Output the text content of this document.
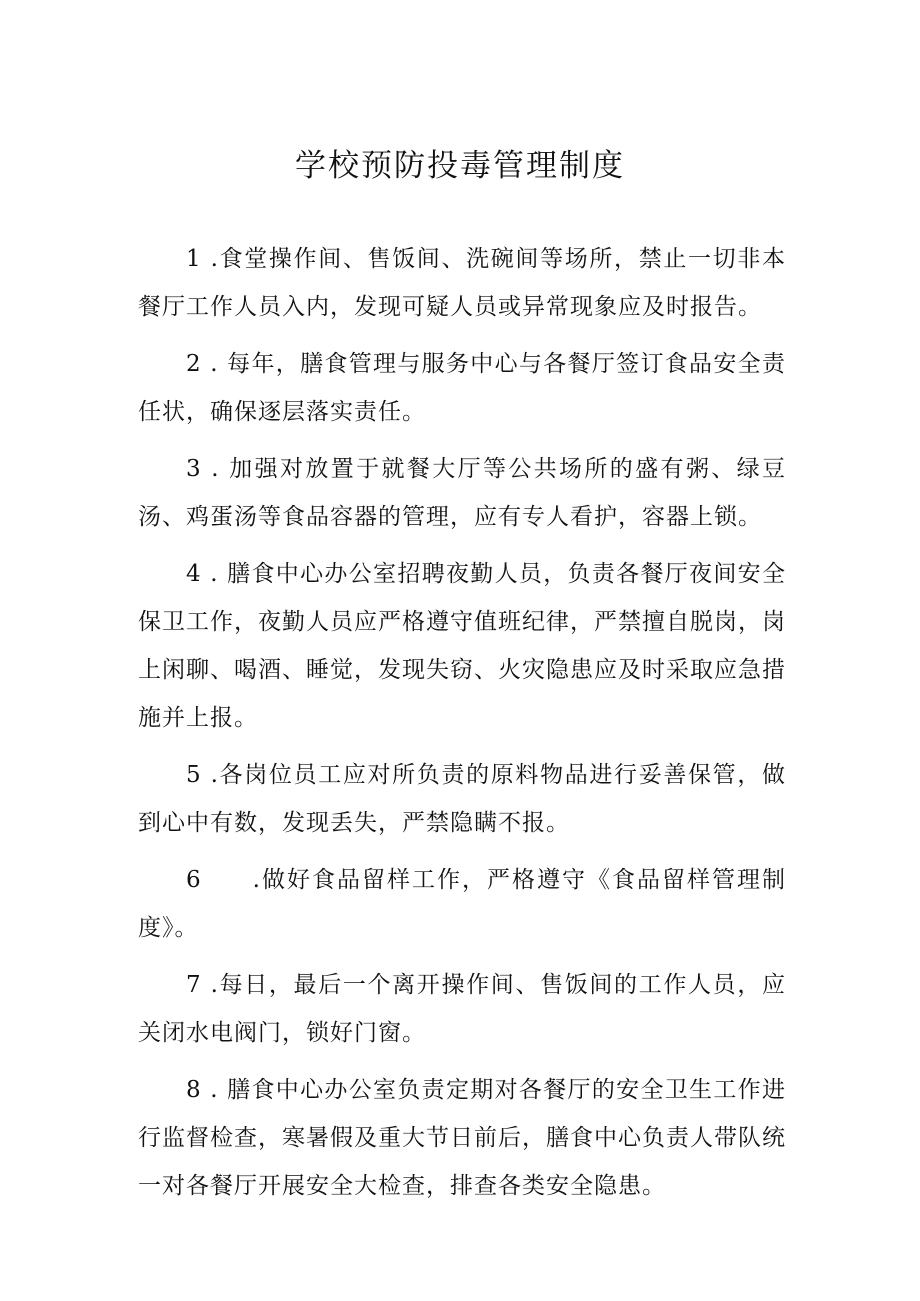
学校预防投毒管理制度

1 .食堂操作间、售饭间、洗碗间等场所，禁止一切非本餐厅工作人员入内，发现可疑人员或异常现象应及时报告。

2 . 每年，膳食管理与服务中心与各餐厅签订食品安全责任状，确保逐层落实责任。

3 . 加强对放置于就餐大厅等公共场所的盛有粥、绿豆汤、鸡蛋汤等食品容器的管理，应有专人看护，容器上锁。

4 . 膳食中心办公室招聘夜勤人员，负责各餐厅夜间安全保卫工作，夜勤人员应严格遵守值班纪律，严禁擅自脱岗，岗上闲聊、喝酒、睡觉，发现失窃、火灾隐患应及时采取应急措施并上报。

5 .各岗位员工应对所负责的原料物品进行妥善保管，做到心中有数，发现丢失，严禁隐瞒不报。

6　　.做好食品留样工作，严格遵守《食品留样管理制度》。

7 .每日，最后一个离开操作间、售饭间的工作人员，应关闭水电阀门，锁好门窗。

8 . 膳食中心办公室负责定期对各餐厅的安全卫生工作进行监督检查，寒暑假及重大节日前后，膳食中心负责人带队统一对各餐厅开展安全大检查，排查各类安全隐患。
